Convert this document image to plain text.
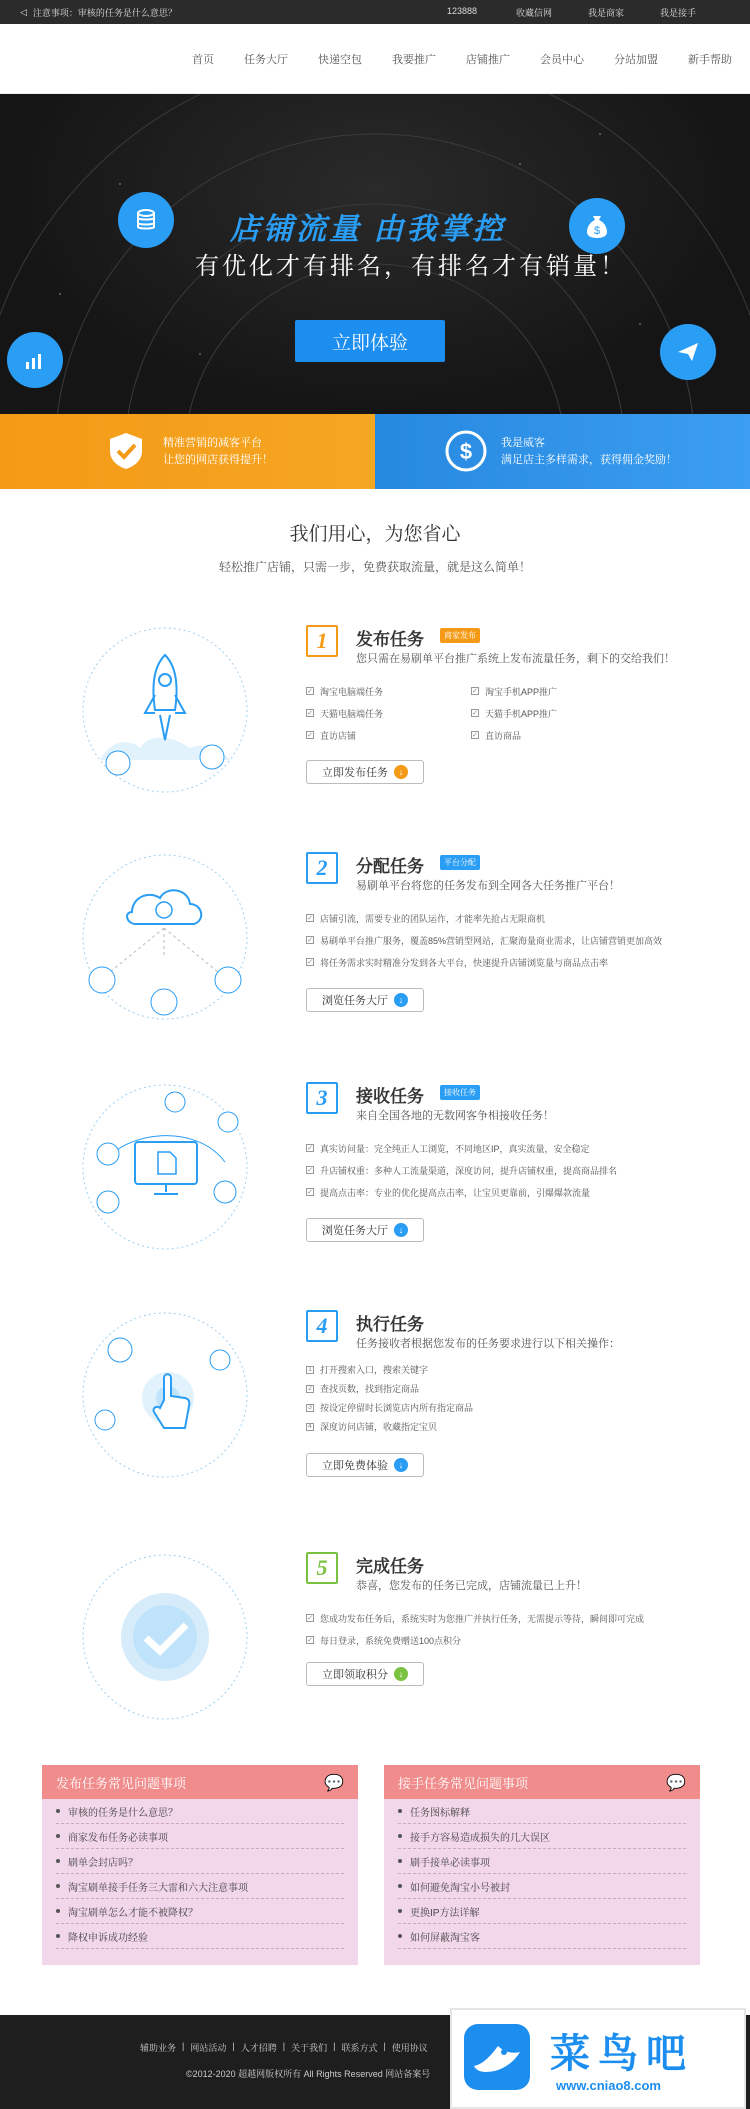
◁ 注意事项：审核的任务是什么意思？	123888	收藏信网	我是商家	我是接手
首页	任务大厅	快递空包	我要推广	店铺推广	会员中心	分站加盟	新手帮助
$
店铺流量 由我掌控
有优化才有排名，有排名才有销量！
立即体验
精准营销的减客平台
让您的网店获得提升！	$	我是威客
满足店主多样需求，获得佣金奖励！
我们用心，为您省心
轻松推广店铺，只需一步，免费获取流量，就是这么简单！
1	发布任务	商家发布
您只需在易刷单平台推广系统上发布流量任务，剩下的交给我们！
✓ 淘宝电脑端任务	✓ 淘宝手机APP推广
✓ 天猫电脑端任务	✓ 天猫手机APP推广
✓ 直访店铺	✓ 直访商品
立即发布任务	↓
2	分配任务	平台分配
易刷单平台将您的任务发布到全网各大任务推广平台！
✓ 店铺引流，需要专业的团队运作，才能率先抢占无限商机
✓ 易刷单平台推广服务，覆盖85%营销型网站，汇聚海量商业需求，让店铺营销更加高效
✓ 将任务需求实时精准分发到各大平台，快速提升店铺浏览量与商品点击率
浏览任务大厅	↓
3	接收任务	接收任务
来自全国各地的无数网客争相接收任务！
✓ 真实访问量：完全纯正人工浏览，不同地区IP，真实流量，安全稳定
✓ 升店铺权重：多种人工流量渠道，深度访问，提升店铺权重，提高商品排名
✓ 提高点击率：专业的优化提高点击率，让宝贝更靠前，引爆爆款流量
浏览任务大厅	↓
4	执行任务
任务接收者根据您发布的任务要求进行以下相关操作：
1 打开搜索入口，搜索关键字
2 查找页数，找到指定商品
3 按设定停留时长浏览店内所有指定商品
4 深度访问店铺，收藏指定宝贝
立即免费体验	↓
5	完成任务
恭喜，您发布的任务已完成，店铺流量已上升！
✓ 您成功发布任务后，系统实时为您推广并执行任务，无需提示等待，瞬间即可完成
✓ 每日登录，系统免费赠送100点积分
立即领取积分	↓
发布任务常见问题事项	💬
审核的任务是什么意思？
商家发布任务必读事项
刷单会封店吗？
淘宝刷单接手任务三大雷和六大注意事项
淘宝刷单怎么才能不被降权？
降权申诉成功经验
接手任务常见问题事项	💬
任务图标解释
接手方容易造成损失的几大误区
刷手接单必读事项
如何避免淘宝小号被封
更换IP方法详解
如何屏蔽淘宝客
辅助业务 | 网站活动 | 人才招聘 | 关于我们 | 联系方式 | 使用协议
©2012-2020 超越网版权所有 All Rights Reserved 网站备案号	菜鸟吧
www.cniao8.com
